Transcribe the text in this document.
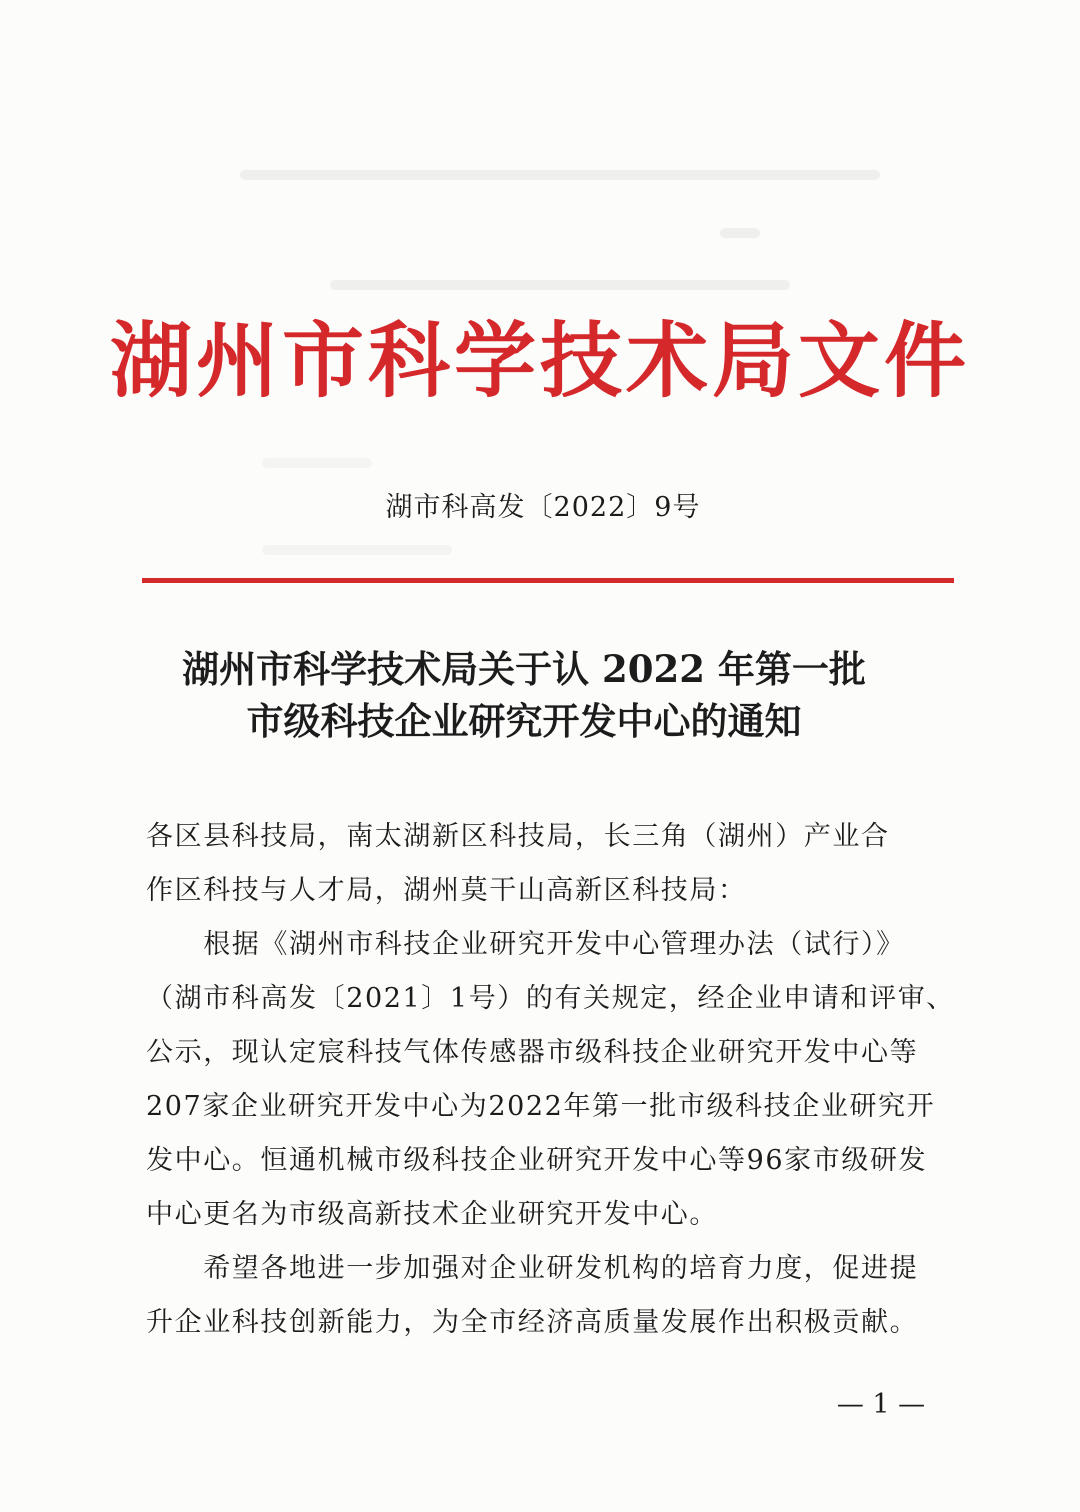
湖州市科学技术局文件
湖市科高发〔2022〕9号
湖州市科学技术局关于认 2022 年第一批
市级科技企业研究开发中心的通知
各区县科技局，南太湖新区科技局，长三角（湖州）产业合
作区科技与人才局，湖州莫干山高新区科技局：
　　根据《湖州市科技企业研究开发中心管理办法（试行）》
（湖市科高发〔2021〕1号）的有关规定，经企业申请和评审、
公示，现认定宸科技气体传感器市级科技企业研究开发中心等
207家企业研究开发中心为2022年第一批市级科技企业研究开
发中心。恒通机械市级科技企业研究开发中心等96家市级研发
中心更名为市级高新技术企业研究开发中心。
　　希望各地进一步加强对企业研发机构的培育力度，促进提
升企业科技创新能力，为全市经济高质量发展作出积极贡献。
— 1 —
